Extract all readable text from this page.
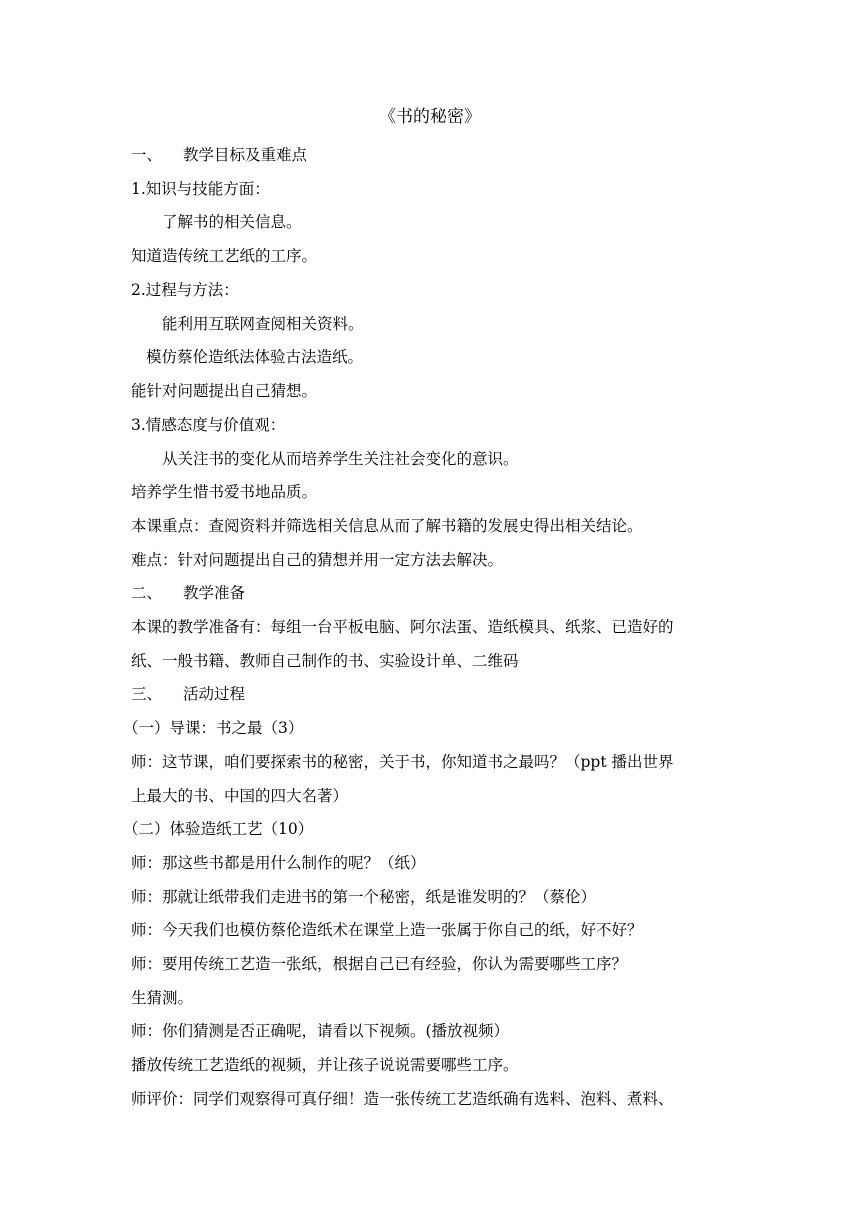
《书的秘密》
一、 教学目标及重难点
1.知识与技能方面：
了解书的相关信息。
知道造传统工艺纸的工序。
2.过程与方法：
能利用互联网查阅相关资料。
模仿蔡伦造纸法体验古法造纸。
能针对问题提出自己猜想。
3.情感态度与价值观：
从关注书的变化从而培养学生关注社会变化的意识。
培养学生惜书爱书地品质。
本课重点：查阅资料并筛选相关信息从而了解书籍的发展史得出相关结论。
难点：针对问题提出自己的猜想并用一定方法去解决。
二、 教学准备
本课的教学准备有：每组一台平板电脑、阿尔法蛋、造纸模具、纸浆、已造好的
纸、一般书籍、教师自己制作的书、实验设计单、二维码
三、 活动过程
（一）导课：书之最（3）
师：这节课，咱们要探索书的秘密，关于书，你知道书之最吗？（ppt 播出世界
上最大的书、中国的四大名著）
（二）体验造纸工艺（10）
师：那这些书都是用什么制作的呢？（纸）
师：那就让纸带我们走进书的第一个秘密，纸是谁发明的？（蔡伦）
师：今天我们也模仿蔡伦造纸术在课堂上造一张属于你自己的纸，好不好？
师：要用传统工艺造一张纸，根据自己已有经验，你认为需要哪些工序？
生猜测。
师：你们猜测是否正确呢，请看以下视频。(播放视频）
播放传统工艺造纸的视频，并让孩子说说需要哪些工序。
师评价：同学们观察得可真仔细！造一张传统工艺造纸确有选料、泡料、煮料、
